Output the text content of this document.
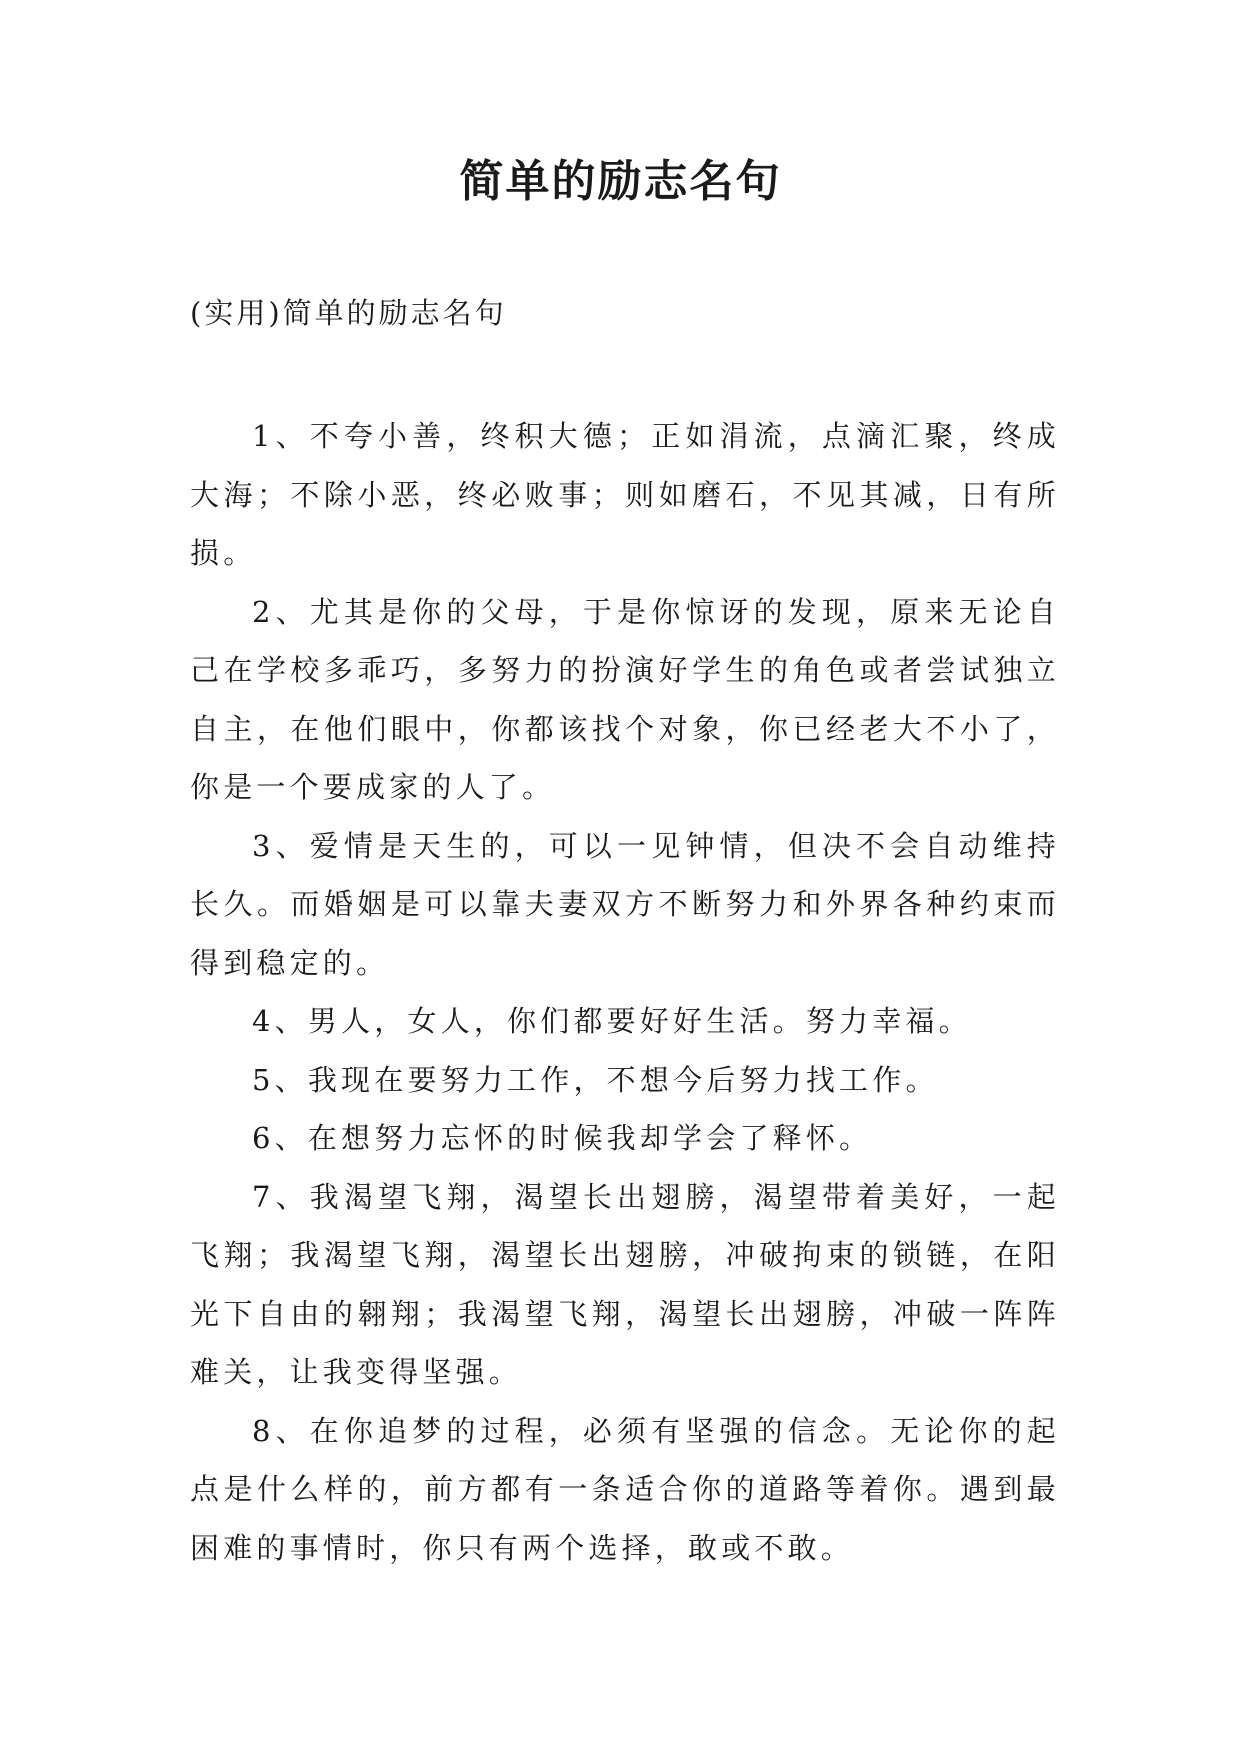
简单的励志名句

(实用)简单的励志名句

1、不夸小善，终积大德；正如涓流，点滴汇聚，终成大海；不除小恶，终必败事；则如磨石，不见其减，日有所损。

2、尤其是你的父母，于是你惊讶的发现，原来无论自己在学校多乖巧，多努力的扮演好学生的角色或者尝试独立自主，在他们眼中，你都该找个对象，你已经老大不小了，你是一个要成家的人了。

3、爱情是天生的，可以一见钟情，但决不会自动维持长久。而婚姻是可以靠夫妻双方不断努力和外界各种约束而得到稳定的。

4、男人，女人，你们都要好好生活。努力幸福。

5、我现在要努力工作，不想今后努力找工作。

6、在想努力忘怀的时候我却学会了释怀。

7、我渴望飞翔，渴望长出翅膀，渴望带着美好，一起飞翔；我渴望飞翔，渴望长出翅膀，冲破拘束的锁链，在阳光下自由的翱翔；我渴望飞翔，渴望长出翅膀，冲破一阵阵难关，让我变得坚强。

8、在你追梦的过程，必须有坚强的信念。无论你的起点是什么样的，前方都有一条适合你的道路等着你。遇到最困难的事情时，你只有两个选择，敢或不敢。
